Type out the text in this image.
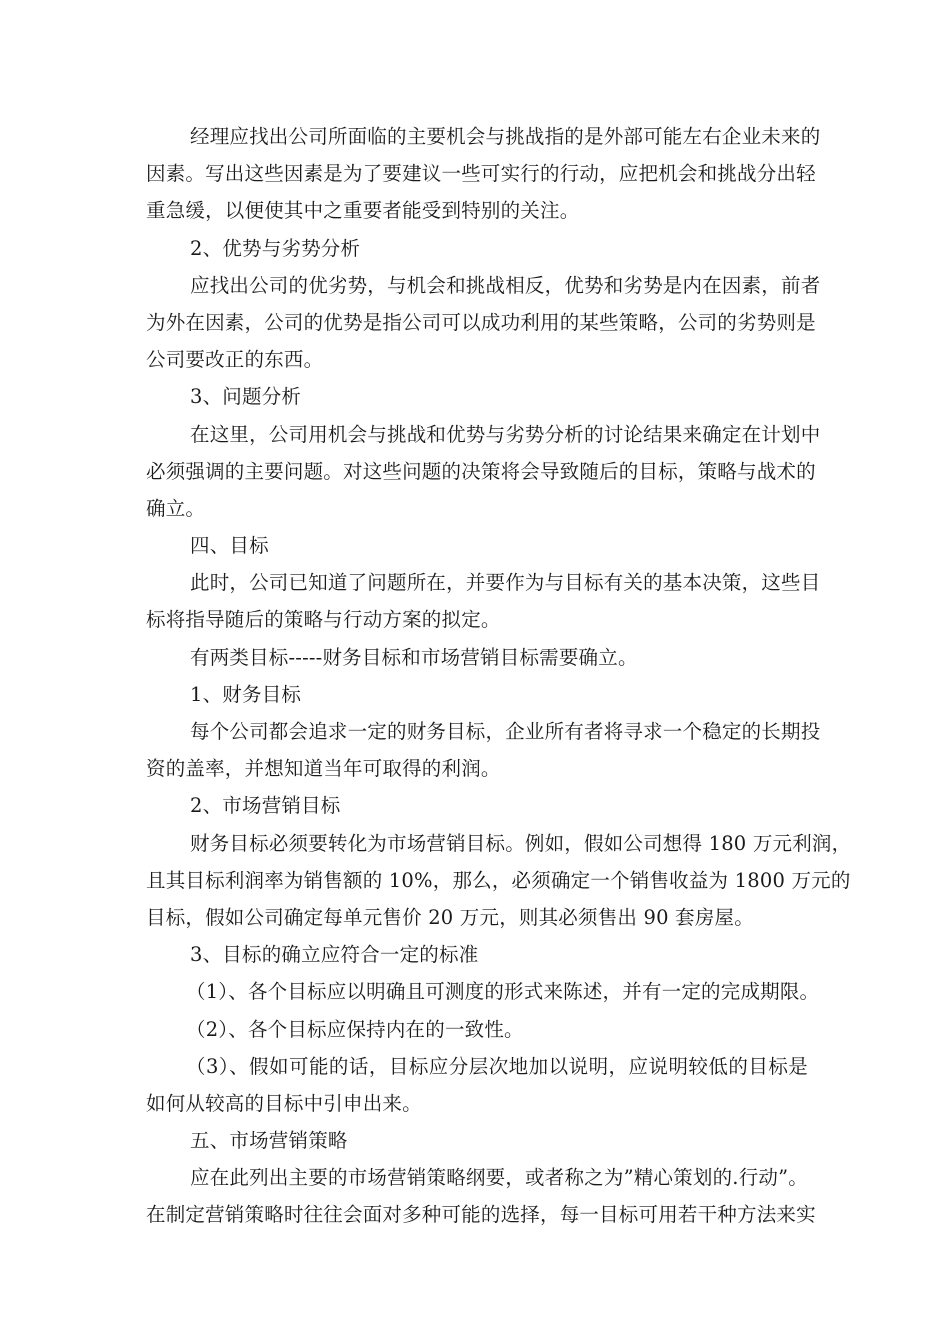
经理应找出公司所面临的主要机会与挑战指的是外部可能左右企业未来的
因素。写出这些因素是为了要建议一些可实行的行动，应把机会和挑战分出轻
重急缓，以便使其中之重要者能受到特别的关注。
2、优势与劣势分析
应找出公司的优劣势，与机会和挑战相反，优势和劣势是内在因素，前者
为外在因素，公司的优势是指公司可以成功利用的某些策略，公司的劣势则是
公司要改正的东西。
3、问题分析
在这里，公司用机会与挑战和优势与劣势分析的讨论结果来确定在计划中
必须强调的主要问题。对这些问题的决策将会导致随后的目标，策略与战术的
确立。
四、目标
此时，公司已知道了问题所在，并要作为与目标有关的基本决策，这些目
标将指导随后的策略与行动方案的拟定。
有两类目标-----财务目标和市场营销目标需要确立。
1、财务目标
每个公司都会追求一定的财务目标，企业所有者将寻求一个稳定的长期投
资的盖率，并想知道当年可取得的利润。
2、市场营销目标
财务目标必须要转化为市场营销目标。例如，假如公司想得 180 万元利润，
且其目标利润率为销售额的 10%，那么，必须确定一个销售收益为 1800 万元的
目标，假如公司确定每单元售价 20 万元，则其必须售出 90 套房屋。
3、目标的确立应符合一定的标准
（1）、各个目标应以明确且可测度的形式来陈述，并有一定的完成期限。
（2）、各个目标应保持内在的一致性。
（3）、假如可能的话，目标应分层次地加以说明，应说明较低的目标是
如何从较高的目标中引申出来。
五、市场营销策略
应在此列出主要的市场营销策略纲要，或者称之为”精心策划的.行动”。
在制定营销策略时往往会面对多种可能的选择，每一目标可用若干种方法来实
